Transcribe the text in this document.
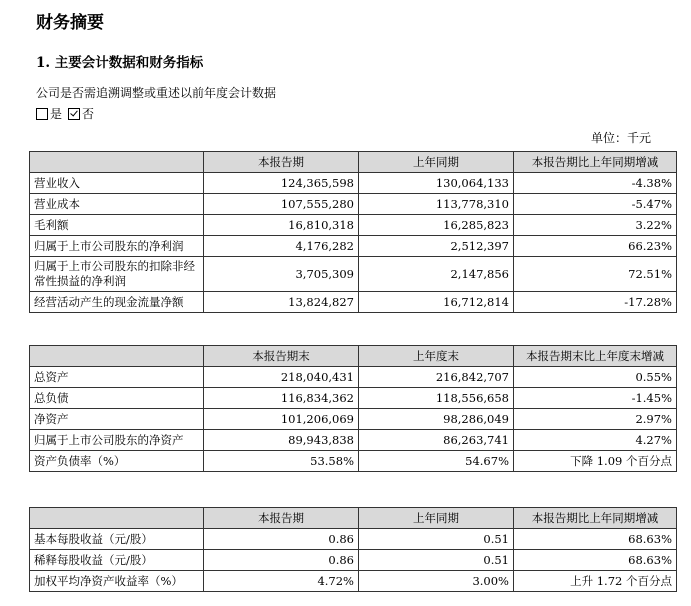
财务摘要
1. 主要会计数据和财务指标
公司是否需追溯调整或重述以前年度会计数据
是 否
单位：千元
	本报告期	上年同期	本报告期比上年同期增减
营业收入	124,365,598	130,064,133	-4.38%
营业成本	107,555,280	113,778,310	-5.47%
毛利额	16,810,318	16,285,823	3.22%
归属于上市公司股东的净利润	4,176,282	2,512,397	66.23%
归属于上市公司股东的扣除非经常性损益的净利润	3,705,309	2,147,856	72.51%
经营活动产生的现金流量净额	13,824,827	16,712,814	-17.28%
	本报告期末	上年度末	本报告期末比上年度末增减
总资产	218,040,431	216,842,707	0.55%
总负债	116,834,362	118,556,658	-1.45%
净资产	101,206,069	98,286,049	2.97%
归属于上市公司股东的净资产	89,943,838	86,263,741	4.27%
资产负债率（%）	53.58%	54.67%	下降 1.09 个百分点
	本报告期	上年同期	本报告期比上年同期增减
基本每股收益（元/股）	0.86	0.51	68.63%
稀释每股收益（元/股）	0.86	0.51	68.63%
加权平均净资产收益率（%）	4.72%	3.00%	上升 1.72 个百分点
